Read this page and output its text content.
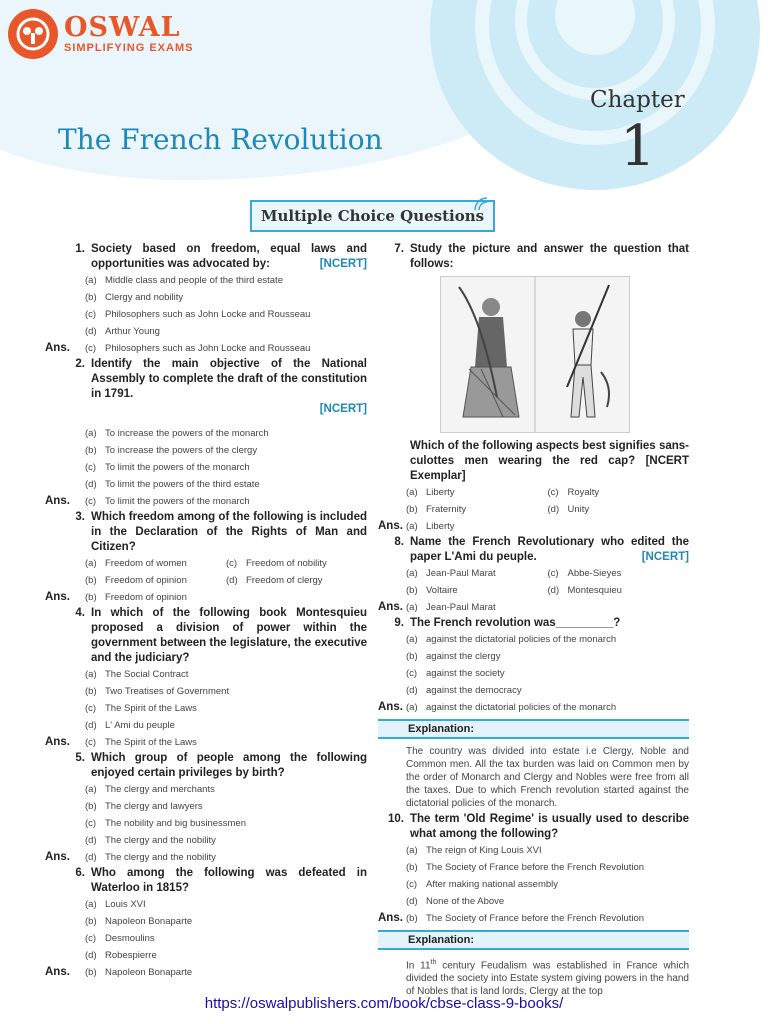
OSWAL
SIMPLIFYING EXAMS
Chapter
1
The French Revolution
Multiple Choice Questions
1. Society based on freedom, equal laws and opportunities was advocated by:	[NCERT]
(a) Middle class and people of the third estate
(b) Clergy and nobility
(c) Philosophers such as John Locke and Rousseau
(d) Arthur Young
Ans.	(c) Philosophers such as John Locke and Rousseau
2. Identify the main objective of the National Assembly to complete the draft of the constitution in 1791.

[NCERT]
(a) To increase the powers of the monarch
(b) To increase the powers of the clergy
(c) To limit the powers of the monarch
(d) To limit the powers of the third estate
Ans.	(c) To limit the powers of the monarch
3. Which freedom among of the following is included in the Declaration of the Rights of Man and Citizen?
(a) Freedom of women	(c) Freedom of nobility
(b) Freedom of opinion	(d) Freedom of clergy
Ans.	(b) Freedom of opinion
4. In which of the following book Montesquieu proposed a division of power within the government between the legislature, the executive and the judiciary?
(a) The Social Contract
(b) Two Treatises of Government
(c) The Spirit of the Laws
(d) L' Ami du peuple
Ans.	(c) The Spirit of the Laws
5. Which group of people among the following enjoyed certain privileges by birth?
(a) The clergy and merchants
(b) The clergy and lawyers
(c) The nobility and big businessmen
(d) The clergy and the nobility
Ans.	(d) The clergy and the nobility
6. Who among the following was defeated in Waterloo in 1815?
(a) Louis XVI
(b) Napoleon Bonaparte
(c) Desmoulins
(d) Robespierre
Ans.	(b) Napoleon Bonaparte
7. Study the picture and answer the question that follows:
Which of the following aspects best signifies sans-culottes men wearing the red cap? [NCERT Exemplar]
(a) Liberty	(c) Royalty
(b) Fraternity	(d) Unity
Ans. (a) Liberty
8. Name the French Revolutionary who edited the paper L'Ami du peuple.	[NCERT]
(a) Jean-Paul Marat	(c) Abbe-Sieyes
(b) Voltaire	(d) Montesquieu
Ans. (a) Jean-Paul Marat
9. The French revolution was_________?
(a) against the dictatorial policies of the monarch
(b) against the clergy
(c) against the society
(d) against the democracy
Ans. (a) against the dictatorial policies of the monarch
Explanation:
The country was divided into estate i.e Clergy, Noble and Common men. All the tax burden was laid on Common men by the order of Monarch and Clergy and Nobles were free from all the taxes. Due to which French revolution started against the dictatorial policies of the monarch.
10. The term 'Old Regime' is usually used to describe what among the following?
(a) The reign of King Louis XVI
(b) The Society of France before the French Revolution
(c) After making national assembly
(d) None of the Above
Ans. (b) The Society of France before the French Revolution
Explanation:
In 11th century Feudalism was established in France which divided the society into Estate system giving powers in the hand of Nobles that is land lords, Clergy at the top
https://oswalpublishers.com/book/cbse-class-9-books/
